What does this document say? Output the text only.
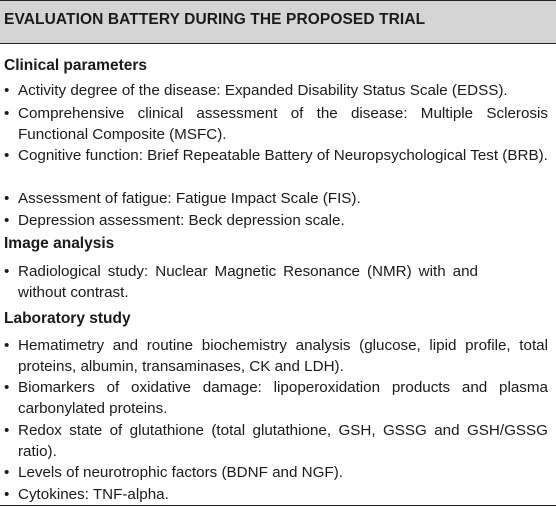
EVALUATION BATTERY DURING THE PROPOSED TRIAL
Clinical parameters
• Activity degree of the disease: Expanded Disability Status Scale (EDSS).
• Comprehensive clinical assessment of the disease: Multiple Sclerosis Functional Composite (MSFC).
• Cognitive function: Brief Repeatable Battery of Neuropsychological Test (BRB).
• Assessment of fatigue: Fatigue Impact Scale (FIS).
• Depression assessment: Beck depression scale.
Image analysis
• Radiological study: Nuclear Magnetic Resonance (NMR) with and without contrast.
Laboratory study
• Hematimetry and routine biochemistry analysis (glucose, lipid profile, total proteins, albumin, transaminases, CK and LDH).
• Biomarkers of oxidative damage: lipoperoxidation products and plasma carbonylated proteins.
• Redox state of glutathione (total glutathione, GSH, GSSG and GSH/GSSG ratio).
• Levels of neurotrophic factors (BDNF and NGF).
• Cytokines: TNF-alpha.
